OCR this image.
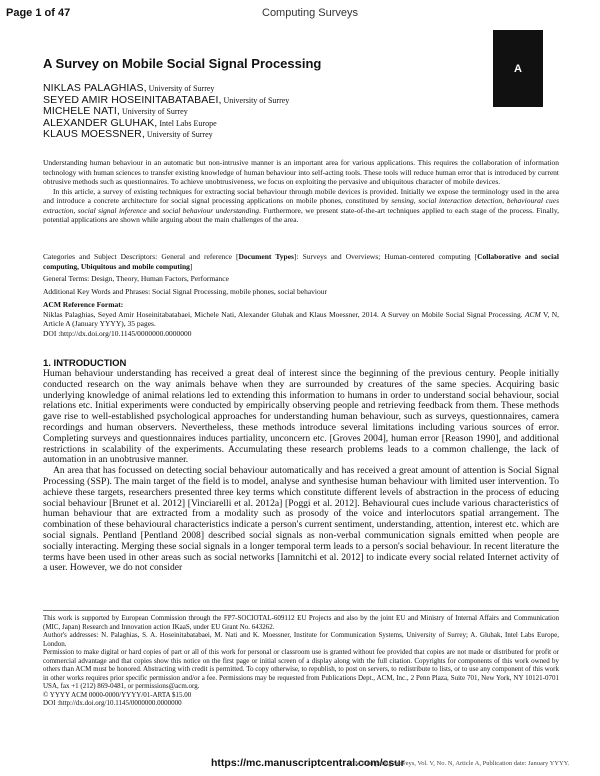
Page 1 of 47	Computing Surveys
A
A Survey on Mobile Social Signal Processing
NIKLAS PALAGHIAS, University of Surrey
SEYED AMIR HOSEINITABATABAEI, University of Surrey
MICHELE NATI, University of Surrey
ALEXANDER GLUHAK, Intel Labs Europe
KLAUS MOESSNER, University of Surrey

Understanding human behaviour in an automatic but non-intrusive manner is an important area for various applications. This requires the collaboration of information technology with human sciences to transfer existing knowledge of human behaviour into self-acting tools. These tools will reduce human error that is introduced by current obtrusive methods such as questionnaires. To achieve unobtrusiveness, we focus on exploiting the pervasive and ubiquitous character of mobile devices.

In this article, a survey of existing techniques for extracting social behaviour through mobile devices is provided. Initially we expose the terminology used in the area and introduce a concrete architecture for social signal processing applications on mobile phones, constituted by sensing, social interaction detection, behavioural cues extraction, social signal inference and social behaviour understanding. Furthermore, we present state-of-the-art techniques applied to each stage of the process. Finally, potential applications are shown while arguing about the main challenges of the area.

Categories and Subject Descriptors: General and reference [Document Types]: Surveys and Overviews; Human-centered computing [Collaborative and social computing, Ubiquitous and mobile computing]

General Terms: Design, Theory, Human Factors, Performance

Additional Key Words and Phrases: Social Signal Processing, mobile phones, social behaviour

ACM Reference Format:

Niklas Palaghias, Seyed Amir Hoseinitabatabaei, Michele Nati, Alexander Gluhak and Klaus Moessner, 2014. A Survey on Mobile Social Signal Processing. ACM V, N, Article A (January YYYY), 35 pages.

DOI :http://dx.doi.org/10.1145/0000000.0000000

1. INTRODUCTION

Human behaviour understanding has received a great deal of interest since the beginning of the previous century. People initially conducted research on the way animals behave when they are surrounded by creatures of the same species. Acquiring basic underlying knowledge of animal relations led to extending this information to humans in order to understand social behaviour, social relations etc. Initial experiments were conducted by empirically observing people and retrieving feedback from them. These methods gave rise to well-established psychological approaches for understanding human behaviour, such as surveys, questionnaires, camera recordings and human observers. Nevertheless, these methods introduce several limitations including various sources of error. Completing surveys and questionnaires induces partiality, unconcern etc. [Groves 2004], human error [Reason 1990], and additional restrictions in scalability of the experiments. Accumulating these research problems leads to a common challenge, the lack of automation in an unobtrusive manner.

An area that has focussed on detecting social behaviour automatically and has received a great amount of attention is Social Signal Processing (SSP). The main target of the field is to model, analyse and synthesise human behaviour with limited user intervention. To achieve these targets, researchers presented three key terms which constitute different levels of abstraction in the process of educing social behaviour [Brunet et al. 2012] [Vinciarelli et al. 2012a] [Poggi et al. 2012]. Behavioural cues include various characteristics of human behaviour that are extracted from a modality such as prosody of the voice and interlocutors spatial arrangement. The combination of these behavioural characteristics indicate a person's current sentiment, understanding, attention, interest etc. which are social signals. Pentland [Pentland 2008] described social signals as non-verbal communication signals emitted when people are socially interacting. Merging these social signals in a longer temporal term leads to a person's social behaviour. In recent literature the terms have been used in other areas such as social networks [Iamnitchi et al. 2012] to indicate every social related Internet activity of a user. However, we do not consider

This work is supported by European Commission through the FP7-SOCIOTAL-609112 EU Projects and also by the joint EU and Ministry of Internal Affairs and Communication (MIC, Japan) Research and Innovation action IKaaS, under EU Grant No. 643262.

Author's addresses: N. Palaghias, S. A. Hoseinitabatabaei, M. Nati and K. Moessner, Institute for Communication Systems, University of Surrey; A. Gluhak, Intel Labs Europe, London.

Permission to make digital or hard copies of part or all of this work for personal or classroom use is granted without fee provided that copies are not made or distributed for profit or commercial advantage and that copies show this notice on the first page or initial screen of a display along with the full citation. Copyrights for components of this work owned by others than ACM must be honored. Abstracting with credit is permitted. To copy otherwise, to republish, to post on servers, to redistribute to lists, or to use any component of this work in other works requires prior specific permission and/or a fee. Permissions may be requested from Publications Dept., ACM, Inc., 2 Penn Plaza, Suite 701, New York, NY 10121-0701 USA, fax +1 (212) 869-0481, or permissions@acm.org.

© YYYY ACM 0000-0000/YYYY/01-ARTA $15.00

DOI :http://dx.doi.org/10.1145/0000000.0000000

https://mc.manuscriptcentral.com/csur
ACM Computing Surveys, Vol. V, No. N, Article A, Publication date: January YYYY.
